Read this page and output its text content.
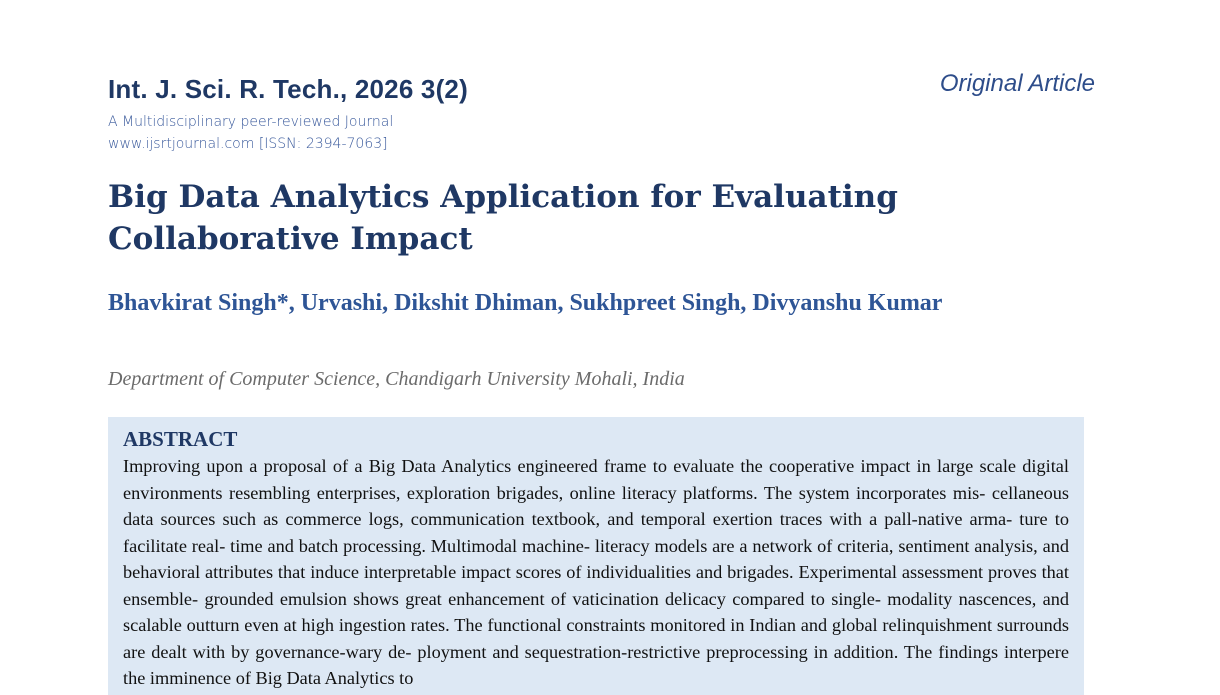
Int. J. Sci. R. Tech., 2026 3(2)	Original Article
A Multidisciplinary peer-reviewed Journal
www.ijsrtjournal.com [ISSN: 2394-7063]
Big Data Analytics Application for Evaluating Collaborative Impact
Bhavkirat Singh*, Urvashi, Dikshit Dhiman, Sukhpreet Singh, Divyanshu Kumar
Department of Computer Science, Chandigarh University Mohali, India
ABSTRACT

Improving upon a proposal of a Big Data Analytics engineered frame to evaluate the cooperative impact in large scale digital environments resembling enterprises, exploration brigades, online literacy platforms. The system incorporates mis- cellaneous data sources such as commerce logs, communication textbook, and temporal exertion traces with a pall-native arma- ture to facilitate real- time and batch processing. Multimodal machine- literacy models are a network of criteria, sentiment analysis, and behavioral attributes that induce interpretable impact scores of individualities and brigades. Experimental assessment proves that ensemble- grounded emulsion shows great enhancement of vaticination delicacy compared to single- modality nascences, and scalable outturn even at high ingestion rates. The functional constraints monitored in Indian and global relinquishment surrounds are dealt with by governance-wary de- ployment and sequestration-restrictive preprocessing in addition. The findings interpere the imminence of Big Data Analytics to
